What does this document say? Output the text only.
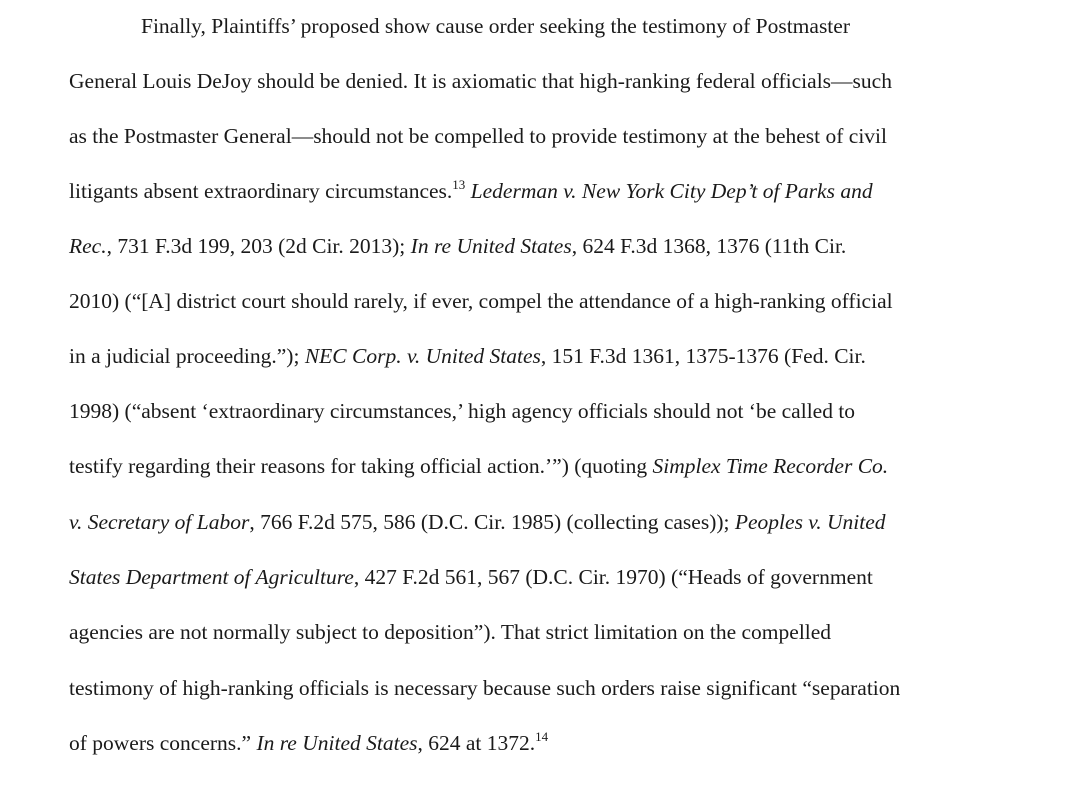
Finally, Plaintiffs’ proposed show cause order seeking the testimony of Postmaster
General Louis DeJoy should be denied. It is axiomatic that high-ranking federal officials—such
as the Postmaster General—should not be compelled to provide testimony at the behest of civil
litigants absent extraordinary circumstances.$^{13}$ Lederman v. New York City Dep’t of Parks and
Rec., 731 F.3d 199, 203 (2d Cir. 2013); In re United States, 624 F.3d 1368, 1376 (11th Cir.
2010) (“[A] district court should rarely, if ever, compel the attendance of a high-ranking official
in a judicial proceeding.”); NEC Corp. v. United States, 151 F.3d 1361, 1375-1376 (Fed. Cir.
1998) (“absent ‘extraordinary circumstances,’ high agency officials should not ‘be called to
testify regarding their reasons for taking official action.’”) (quoting Simplex Time Recorder Co.
v. Secretary of Labor, 766 F.2d 575, 586 (D.C. Cir. 1985) (collecting cases)); Peoples v. United
States Department of Agriculture, 427 F.2d 561, 567 (D.C. Cir. 1970) (“Heads of government
agencies are not normally subject to deposition”). That strict limitation on the compelled
testimony of high-ranking officials is necessary because such orders raise significant “separation
of powers concerns.” In re United States, 624 at 1372.14
